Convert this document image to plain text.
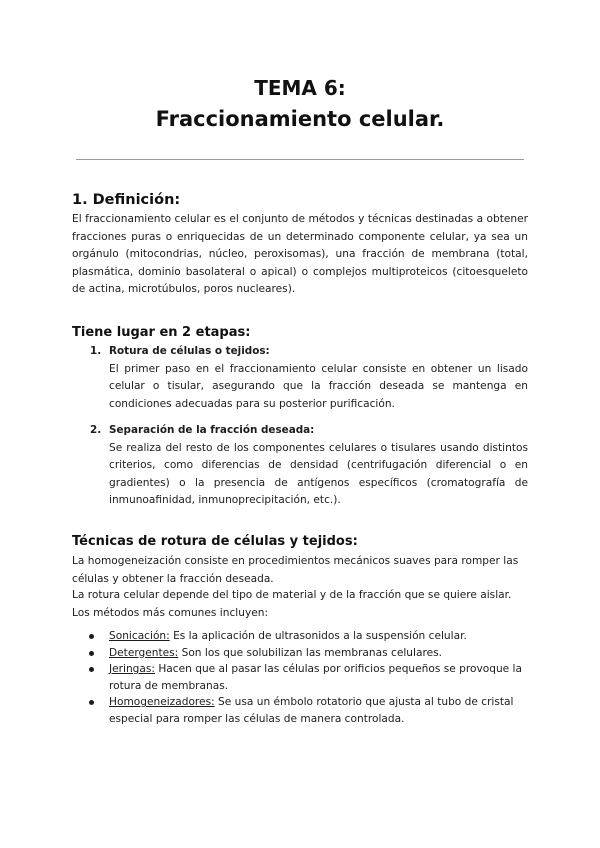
TEMA 6:
Fraccionamiento celular.
1. Definición:

El fraccionamiento celular es el conjunto de métodos y técnicas destinadas a obtener fracciones puras o enriquecidas de un determinado componente celular, ya sea un orgánulo (mitocondrias, núcleo, peroxisomas), una fracción de membrana (total, plasmática, dominio basolateral o apical) o complejos multiproteicos (citoesqueleto de actina, microtúbulos, poros nucleares).

Tiene lugar en 2 etapas:
1. Rotura de células o tejidos:

El primer paso en el fraccionamiento celular consiste en obtener un lisado celular o tisular, asegurando que la fracción deseada se mantenga en condiciones adecuadas para su posterior purificación.

2. Separación de la fracción deseada:

Se realiza del resto de los componentes celulares o tisulares usando distintos criterios, como diferencias de densidad (centrifugación diferencial o en gradientes) o la presencia de antígenos específicos (cromatografía de inmunoafinidad, inmunoprecipitación, etc.).

Técnicas de rotura de células y tejidos:

La homogeneización consiste en procedimientos mecánicos suaves para romper las células y obtener la fracción deseada.

La rotura celular depende del tipo de material y de la fracción que se quiere aislar. Los métodos más comunes incluyen:

Sonicación: Es la aplicación de ultrasonidos a la suspensión celular.
Detergentes: Son los que solubilizan las membranas celulares.
Jeringas: Hacen que al pasar las células por orificios pequeños se provoque la rotura de membranas.
Homogeneizadores: Se usa un émbolo rotatorio que ajusta al tubo de cristal especial para romper las células de manera controlada.
